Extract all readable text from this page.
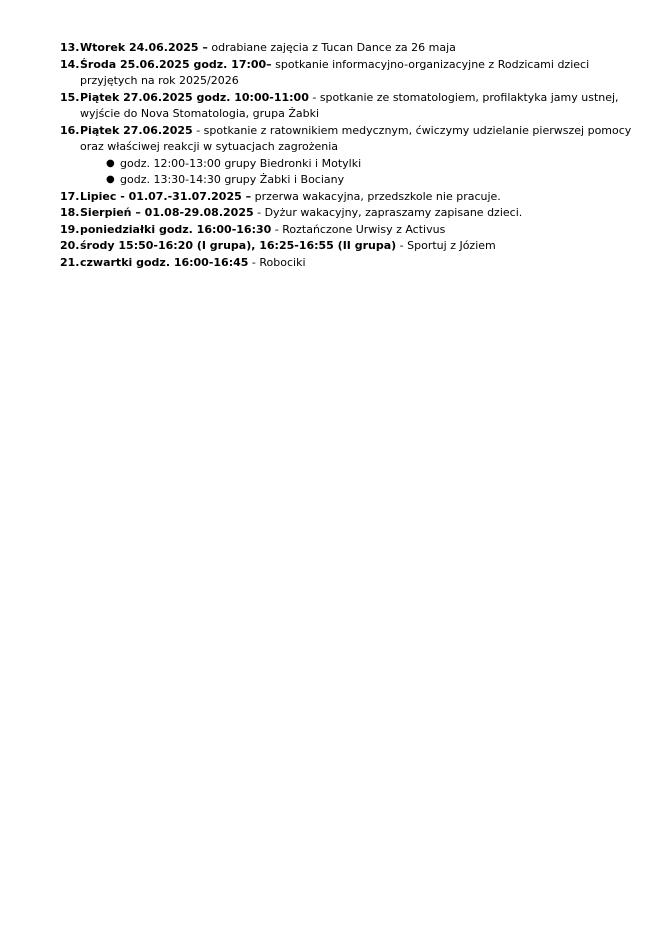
13. Wtorek 24.06.2025 – odrabiane zajęcia z Tucan Dance za 26 maja
14. Środa 25.06.2025 godz. 17:00– spotkanie informacyjno-organizacyjne z Rodzicami dzieci przyjętych na rok 2025/2026
15. Piątek 27.06.2025 godz. 10:00-11:00 - spotkanie ze stomatologiem, profilaktyka jamy ustnej, wyjście do Nova Stomatologia, grupa Żabki
16. Piątek 27.06.2025 - spotkanie z ratownikiem medycznym, ćwiczymy udzielanie pierwszej pomocy oraz właściwej reakcji w sytuacjach zagrożenia
● godz. 12:00-13:00 grupy Biedronki i Motylki
● godz. 13:30-14:30 grupy Żabki i Bociany
17. Lipiec - 01.07.-31.07.2025 – przerwa wakacyjna, przedszkole nie pracuje.
18. Sierpień – 01.08-29.08.2025 - Dyżur wakacyjny, zapraszamy zapisane dzieci.
19. poniedziałki godz. 16:00-16:30 - Roztańczone Urwisy z Activus
20. środy 15:50-16:20 (I grupa), 16:25-16:55 (II grupa) - Sportuj z Józiem
21. czwartki godz. 16:00-16:45 - Robociki
